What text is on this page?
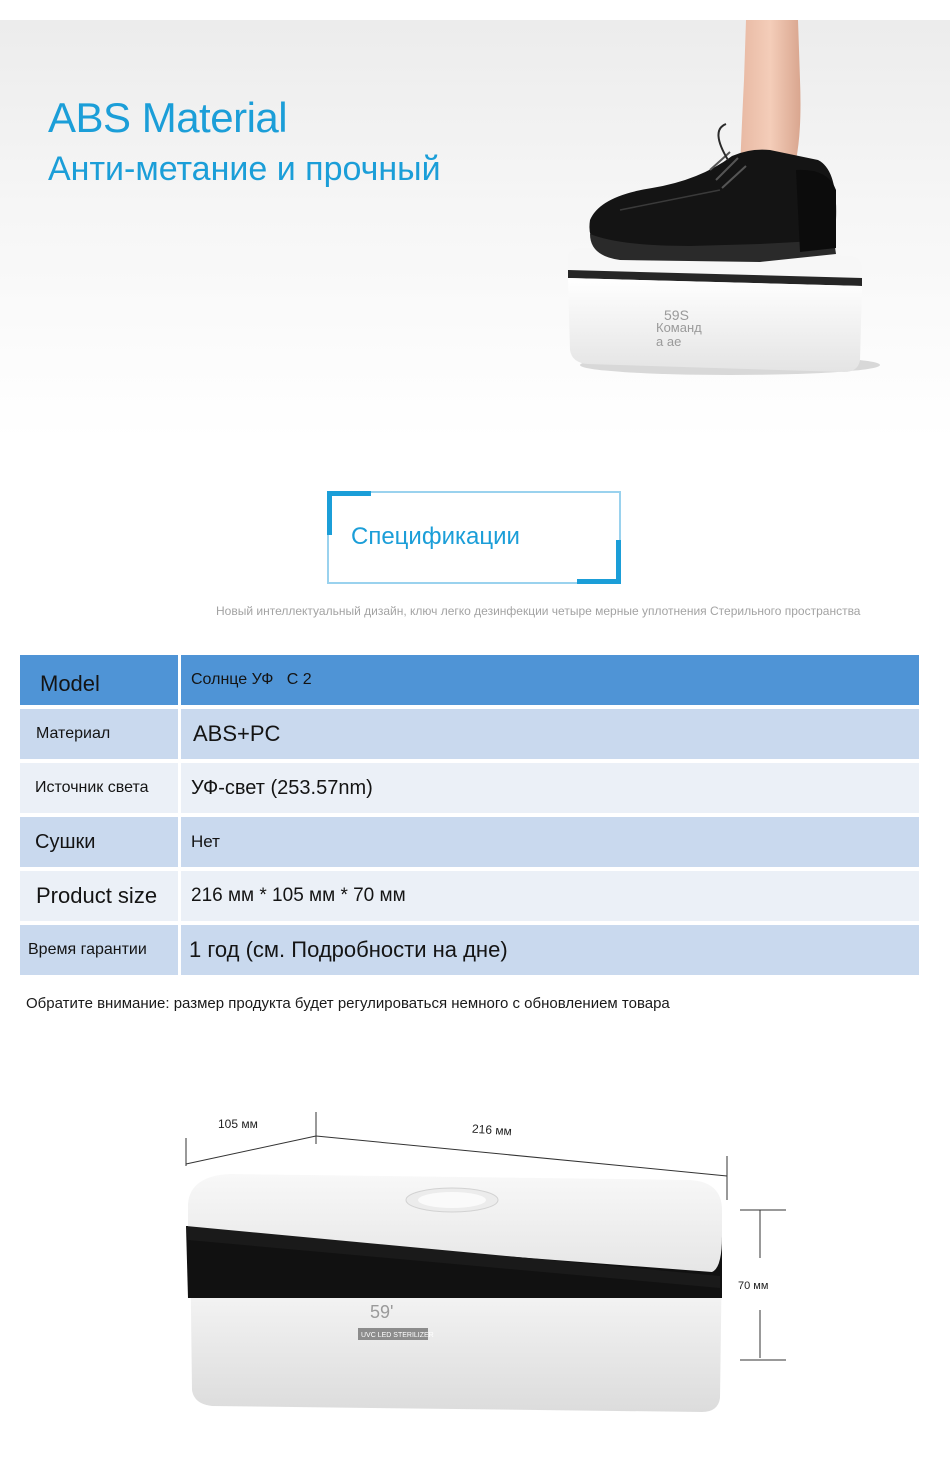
ABS Material
Анти-метание и прочный
59S
Команд
а ае
Спецификации
Новый интеллектуальный дизайн, ключ легко дезинфекции четыре мерные уплотнения Стерильного пространства
Model	Солнце УФ   С 2
Материал	ABS+PC
Источник света	УФ-свет (253.57nm)
Сушки	Нет
Product size	216 мм * 105 мм * 70 мм
Время гарантии	1 год (см. Подробности на дне)
Обратите внимание: размер продукта будет регулироваться немного с обновлением товара
59'
UVC LED STERILIZER
105 мм	216 мм
70 мм
